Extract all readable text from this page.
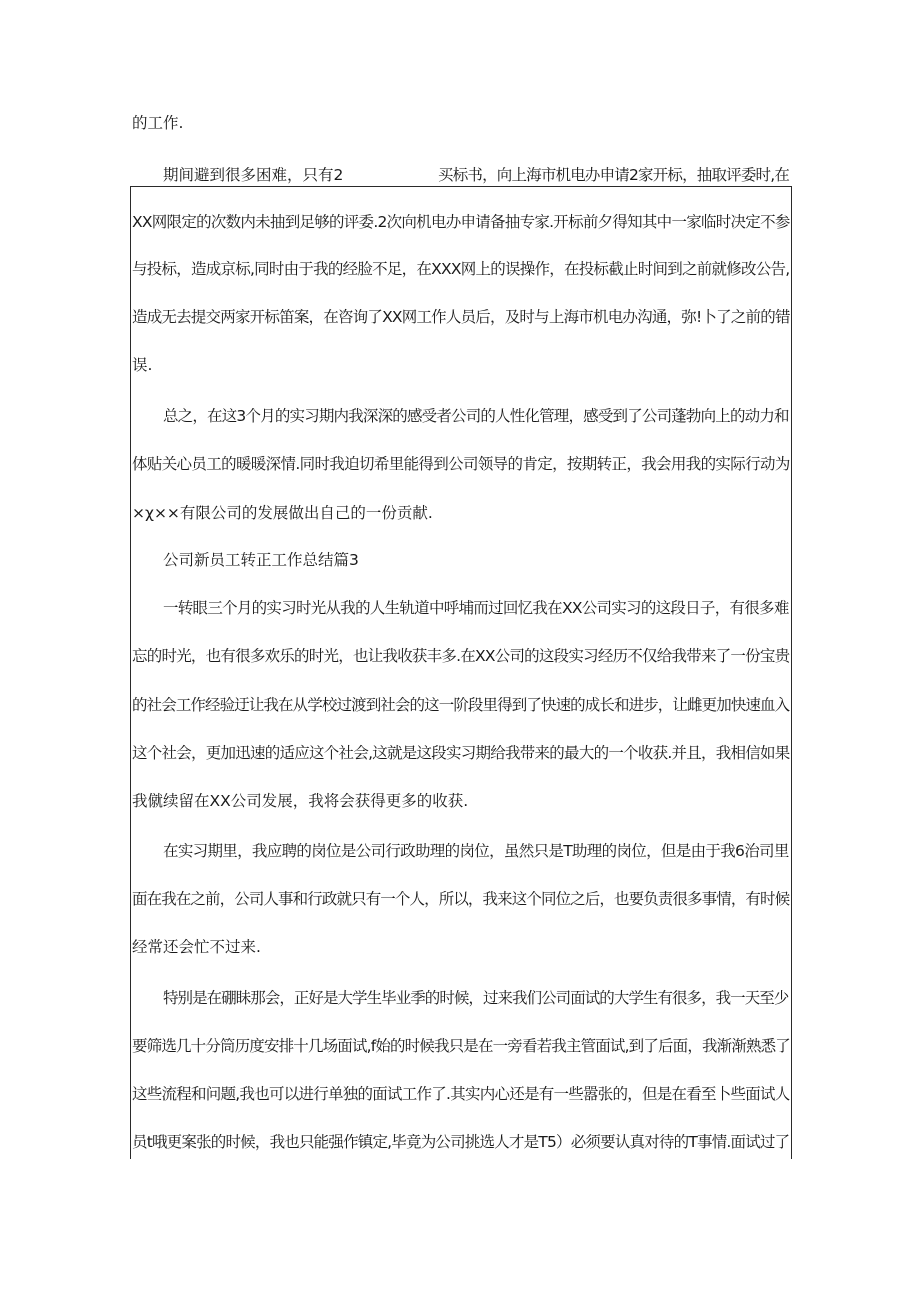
的工作.
期间避到很多困难，只有2	买标书，向上海市机电办申请2家开标，抽取评委时,在
XX网限定的次数内未抽到足够的评委.2次向机电办申请备抽专家.开标前夕得知其中一家临时决定不参
与投标，造成京标,同时由于我的经脸不足，在XXX网上的误操作，在投标截止时间到之前就修改公告,
造成无去提交两家开标笛案，在咨询了XX网工作人员后，及时与上海市机电办沟通，弥!卜了之前的错
误.
总之，在这3个月的实习期内我深深的感受者公司的人性化管理，感受到了公司蓬勃向上的动力和
体贴关心员工的暖暖深情.同时我迫切希里能得到公司领导的肯定，按期转正，我会用我的实际行动为
×χ××有限公司的发展做出自己的一份贡献.
公司新员工转正工作总结篇3
一转眼三个月的实习时光从我的人生轨道中呼埔而过回忆我在XX公司实习的这段日子，有很多难
忘的时光，也有很多欢乐的时光，也让我收获丰多.在XX公司的这段实习经历不仅给我带来了一份宝贵
的社会工作经验迂让我在从学校过渡到社会的这一阶段里得到了快速的成长和进步，让雌更加快速血入
这个社会，更加迅速的适应这个社会,这就是这段实习期给我带来的最大的一个收获.并且，我相信如果
我僦续留在XX公司发展，我将会获得更多的收获.
在实习期里，我应聘的岗位是公司行政助理的岗位，虽然只是T助理的岗位，但是由于我6治司里
面在我在之前，公司人事和行政就只有一个人，所以，我来这个同位之后，也要负责很多事情，有时候
经常还会忙不过来.
特别是在硼眛那会，正好是大学生毕业季的时候，过来我们公司面试的大学生有很多，我一天至少
要筛选几十分筒历度安排十几场面试,f始的时候我只是在一旁看若我主管面试,到了后面，我渐渐熟悉了
这些流程和问题,我也可以进行单独的面试工作了.其实内心还是有一些嚣张的，但是在看至卜些面试人
员t哦更案张的时候，我也只能强作镇定,毕竟为公司挑选人才是T5）必须要认真对待的T事情.面试过了
